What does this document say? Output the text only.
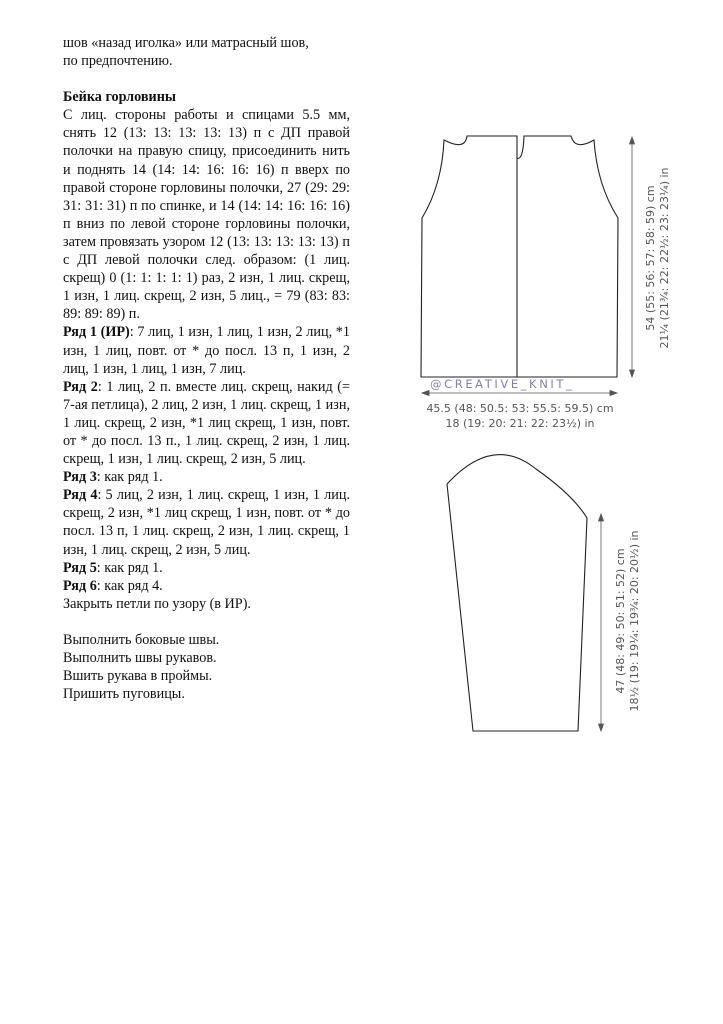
шов «назад иголка» или матрасный шов,

по предпочтению.

Бейка горловины

С лиц. стороны работы и спицами 5.5 мм, снять 12 (13: 13: 13: 13: 13) п с ДП правой полочки на правую спицу, присоединить нить и поднять 14 (14: 14: 16: 16: 16) п вверх по правой стороне горловины полочки, 27 (29: 29: 31: 31: 31) п по спинке, и 14 (14: 14: 16: 16: 16) п вниз по левой стороне горловины полочки, затем провязать узором 12 (13: 13: 13: 13: 13) п с ДП левой полочки след. образом: (1 лиц. скрещ) 0 (1: 1: 1: 1: 1) раз, 2 изн, 1 лиц. скрещ, 1 изн, 1 лиц. скрещ, 2 изн, 5 лиц., = 79 (83: 83: 89: 89: 89) п.

Ряд 1 (ИР): 7 лиц, 1 изн, 1 лиц, 1 изн, 2 лиц, *1 изн, 1 лиц, повт. от * до посл. 13 п, 1 изн, 2 лиц, 1 изн, 1 лиц, 1 изн, 7 лиц.

Ряд 2: 1 лиц, 2 п. вместе лиц. скрещ, накид (= 7-ая петлица), 2 лиц, 2 изн, 1 лиц. скрещ, 1 изн, 1 лиц. скрещ, 2 изн, *1 лиц скрещ, 1 изн, повт. от * до посл. 13 п., 1 лиц. скрещ, 2 изн, 1 лиц. скрещ, 1 изн, 1 лиц. скрещ, 2 изн, 5 лиц.

Ряд 3: как ряд 1.

Ряд 4: 5 лиц, 2 изн, 1 лиц. скрещ, 1 изн, 1 лиц. скрещ, 2 изн, *1 лиц скрещ, 1 изн, повт. от * до посл. 13 п, 1 лиц. скрещ, 2 изн, 1 лиц. скрещ, 1 изн, 1 лиц. скрещ, 2 изн, 5 лиц.

Ряд 5: как ряд 1.

Ряд 6: как ряд 4.

Закрыть петли по узору (в ИР).

Выполнить боковые швы.

Выполнить швы рукавов.

Вшить рукава в проймы.

Пришить пуговицы.

@CREATIVE_KNIT_
45.5 (48: 50.5: 53: 55.5: 59.5) cm
18 (19: 20: 21: 22: 23½) in
54 (55: 56: 57: 58: 59) cm 21¼ (21¾: 22: 22½: 23: 23¼) in
47 (48: 49: 50: 51: 52) cm 18½ (19: 19¼: 19¾: 20: 20½) in
